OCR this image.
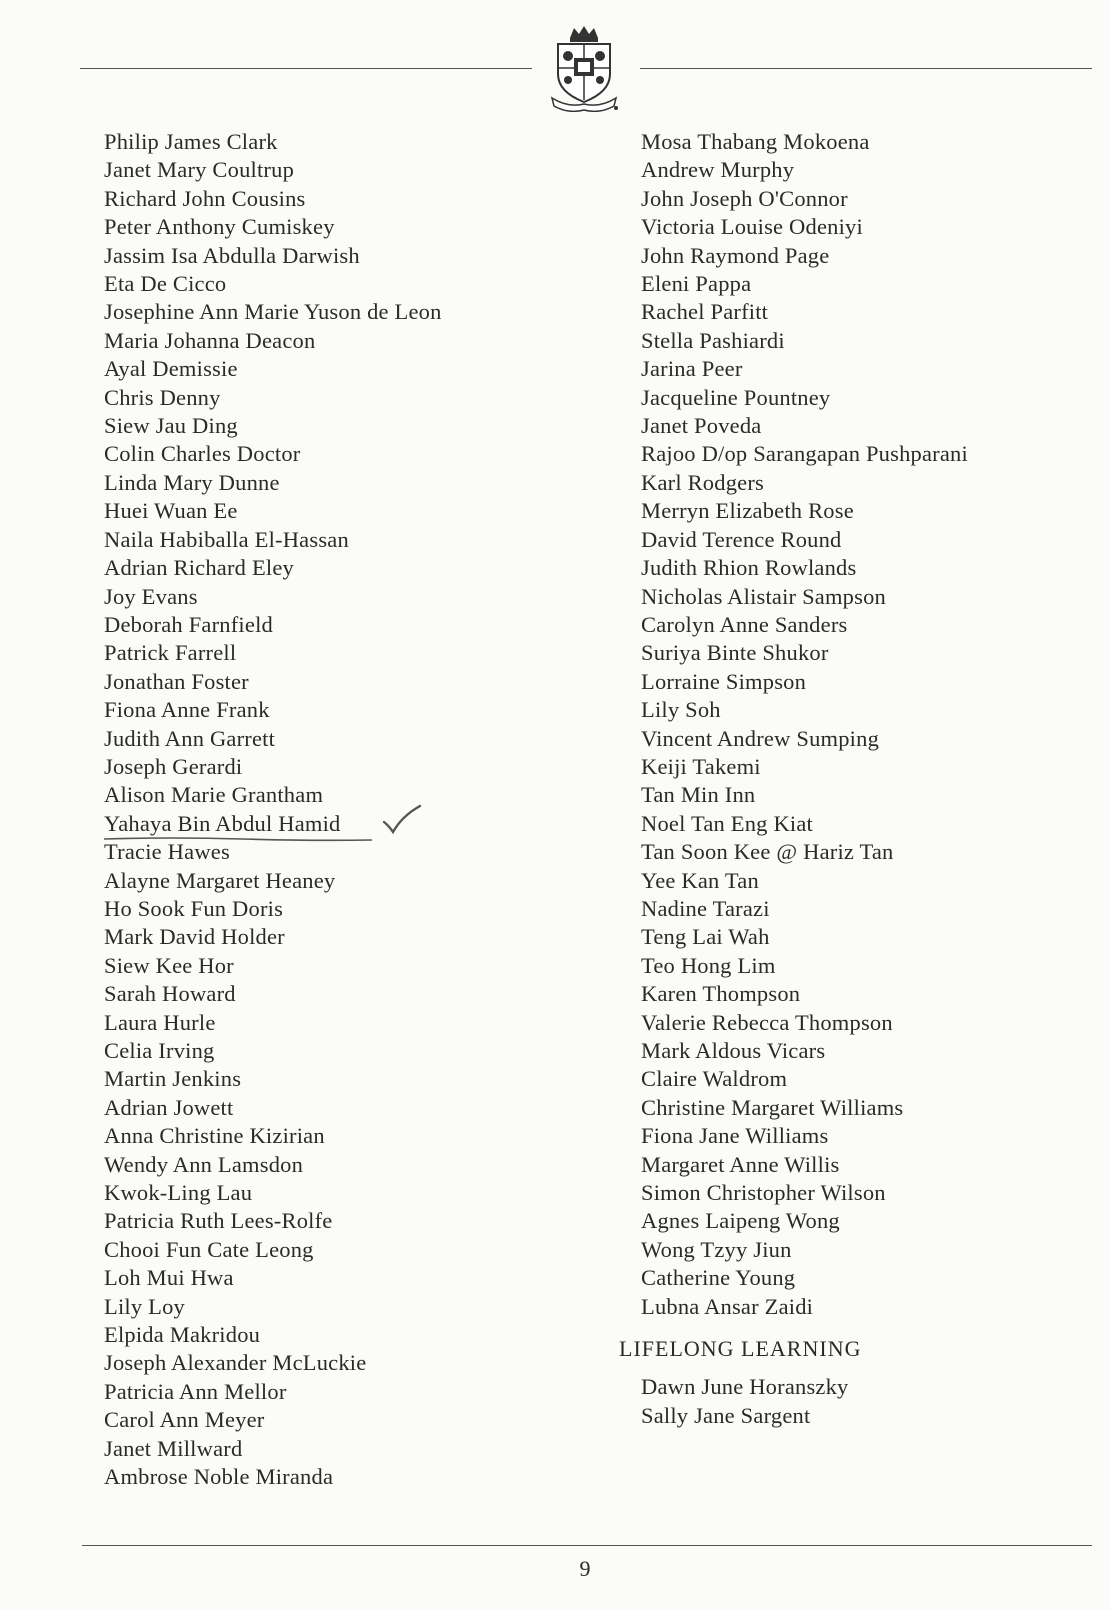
Philip James Clark
Janet Mary Coultrup
Richard John Cousins
Peter Anthony Cumiskey
Jassim Isa Abdulla Darwish
Eta De Cicco
Josephine Ann Marie Yuson de Leon
Maria Johanna Deacon
Ayal Demissie
Chris Denny
Siew Jau Ding
Colin Charles Doctor
Linda Mary Dunne
Huei Wuan Ee
Naila Habiballa El-Hassan
Adrian Richard Eley
Joy Evans
Deborah Farnfield
Patrick Farrell
Jonathan Foster
Fiona Anne Frank
Judith Ann Garrett
Joseph Gerardi
Alison Marie Grantham
Yahaya Bin Abdul Hamid
Tracie Hawes
Alayne Margaret Heaney
Ho Sook Fun Doris
Mark David Holder
Siew Kee Hor
Sarah Howard
Laura Hurle
Celia Irving
Martin Jenkins
Adrian Jowett
Anna Christine Kizirian
Wendy Ann Lamsdon
Kwok-Ling Lau
Patricia Ruth Lees-Rolfe
Chooi Fun Cate Leong
Loh Mui Hwa
Lily Loy
Elpida Makridou
Joseph Alexander McLuckie
Patricia Ann Mellor
Carol Ann Meyer
Janet Millward
Ambrose Noble Miranda
Mosa Thabang Mokoena
Andrew Murphy
John Joseph O'Connor
Victoria Louise Odeniyi
John Raymond Page
Eleni Pappa
Rachel Parfitt
Stella Pashiardi
Jarina Peer
Jacqueline Pountney
Janet Poveda
Rajoo D/op Sarangapan Pushparani
Karl Rodgers
Merryn Elizabeth Rose
David Terence Round
Judith Rhion Rowlands
Nicholas Alistair Sampson
Carolyn Anne Sanders
Suriya Binte Shukor
Lorraine Simpson
Lily Soh
Vincent Andrew Sumping
Keiji Takemi
Tan Min Inn
Noel Tan Eng Kiat
Tan Soon Kee @ Hariz Tan
Yee Kan Tan
Nadine Tarazi
Teng Lai Wah
Teo Hong Lim
Karen Thompson
Valerie Rebecca Thompson
Mark Aldous Vicars
Claire Waldrom
Christine Margaret Williams
Fiona Jane Williams
Margaret Anne Willis
Simon Christopher Wilson
Agnes Laipeng Wong
Wong Tzyy Jiun
Catherine Young
Lubna Ansar Zaidi
LIFELONG LEARNING
Dawn June Horanszky
Sally Jane Sargent
9
